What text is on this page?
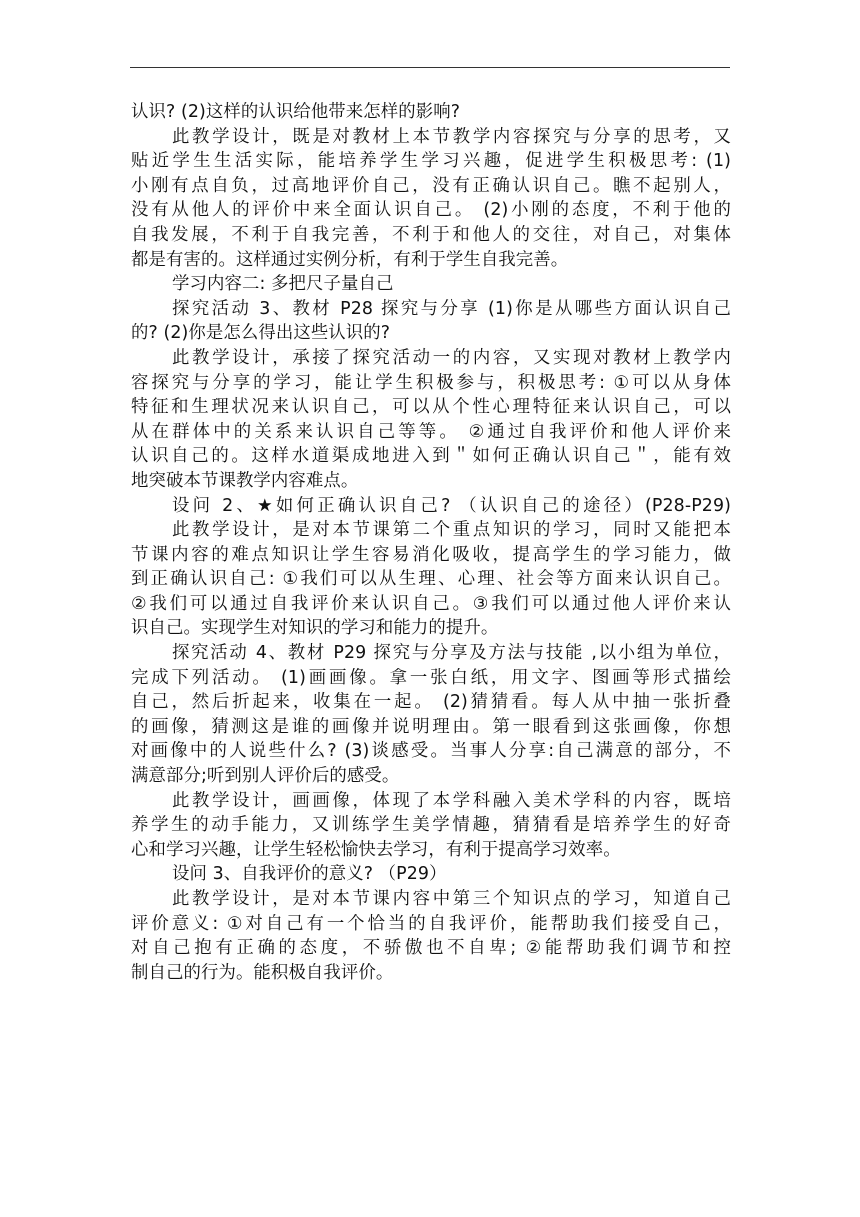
认识? (2)这样的认识给他带来怎样的影响?
此教学设计，既是对教材上本节教学内容探究与分享的思考，又
贴近学生生活实际，能培养学生学习兴趣，促进学生积极思考: (1)
小刚有点自负，过高地评价自己，没有正确认识自己。瞧不起别人，
没有从他人的评价中来全面认识自己。 (2)小刚的态度，不利于他的
自我发展，不利于自我完善，不利于和他人的交往，对自己，对集体
都是有害的。这样通过实例分析，有利于学生自我完善。
学习内容二: 多把尺子量自己
探究活动 3、教材 P28 探究与分享 (1)你是从哪些方面认识自己
的? (2)你是怎么得出这些认识的?
此教学设计，承接了探究活动一的内容，又实现对教材上教学内
容探究与分享的学习，能让学生积极参与，积极思考: ①可以从身体
特征和生理状况来认识自己，可以从个性心理特征来认识自己，可以
从在群体中的关系来认识自己等等。 ②通过自我评价和他人评价来
认识自己的。这样水道渠成地进入到＂如何正确认识自己＂，能有效
地突破本节课教学内容难点。
设问 2、★如何正确认识自己? （认识自己的途径）(P28-P29)
此教学设计，是对本节课第二个重点知识的学习，同时又能把本
节课内容的难点知识让学生容易消化吸收，提高学生的学习能力，做
到正确认识自己: ①我们可以从生理、心理、社会等方面来认识自己。
②我们可以通过自我评价来认识自己。③我们可以通过他人评价来认
识自己。实现学生对知识的学习和能力的提升。
探究活动 4、教材 P29 探究与分享及方法与技能 ,以小组为单位，
完成下列活动。 (1)画画像。拿一张白纸，用文字、图画等形式描绘
自己，然后折起来，收集在一起。 (2)猜猜看。每人从中抽一张折叠
的画像，猜测这是谁的画像并说明理由。第一眼看到这张画像，你想
对画像中的人说些什么? (3)谈感受。当事人分享:自己满意的部分，不
满意部分;听到别人评价后的感受。
此教学设计，画画像，体现了本学科融入美术学科的内容，既培
养学生的动手能力，又训练学生美学情趣，猜猜看是培养学生的好奇
心和学习兴趣，让学生轻松愉快去学习，有利于提高学习效率。
设问 3、自我评价的意义? （P29）
此教学设计，是对本节课内容中第三个知识点的学习，知道自己
评价意义: ①对自己有一个恰当的自我评价，能帮助我们接受自己，
对自己抱有正确的态度，不骄傲也不自卑; ②能帮助我们调节和控
制自己的行为。能积极自我评价。
